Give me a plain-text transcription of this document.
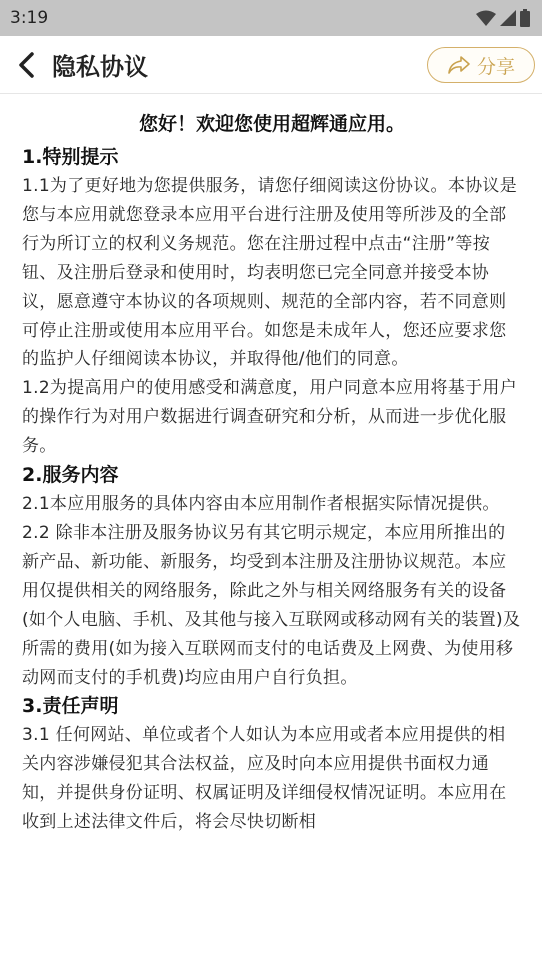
3:19
隐私协议	分享
您好！欢迎您使用超辉通应用。
1.特别提示

1.1为了更好地为您提供服务，请您仔细阅读这份协议。本协议是您与本应用就您登录本应用平台进行注册及使用等所涉及的全部行为所订立的权利义务规范。您在注册过程中点击“注册”等按钮、及注册后登录和使用时，均表明您已完全同意并接受本协议，愿意遵守本协议的各项规则、规范的全部内容，若不同意则可停止注册或使用本应用平台。如您是未成年人，您还应要求您的监护人仔细阅读本协议，并取得他/他们的同意。

1.2为提高用户的使用感受和满意度，用户同意本应用将基于用户的操作行为对用户数据进行调查研究和分析，从而进一步优化服务。

2.服务内容

2.1本应用服务的具体内容由本应用制作者根据实际情况提供。

2.2 除非本注册及服务协议另有其它明示规定，本应用所推出的新产品、新功能、新服务，均受到本注册及注册协议规范。本应用仅提供相关的网络服务，除此之外与相关网络服务有关的设备(如个人电脑、手机、及其他与接入互联网或移动网有关的装置)及所需的费用(如为接入互联网而支付的电话费及上网费、为使用移动网而支付的手机费)均应由用户自行负担。

3.责任声明

3.1 任何网站、单位或者个人如认为本应用或者本应用提供的相关内容涉嫌侵犯其合法权益，应及时向本应用提供书面权力通知，并提供身份证明、权属证明及详细侵权情况证明。本应用在收到上述法律文件后，将会尽快切断相
